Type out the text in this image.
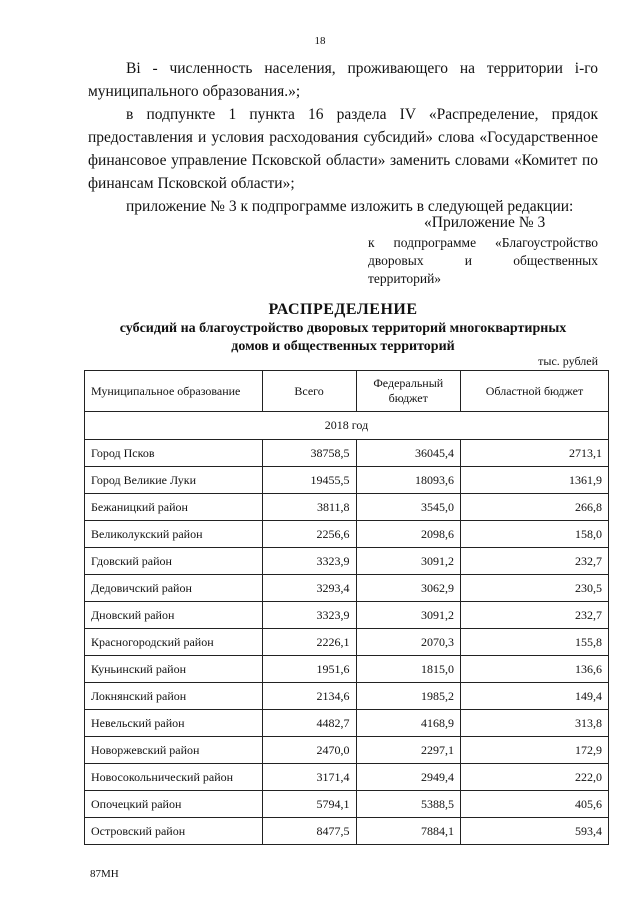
18

Bi - численность населения, проживающего на территории i-го муниципального образования.»;

в подпункте 1 пункта 16 раздела IV «Распределение, прядок предоставления и условия расходования субсидий» слова «Государственное финансовое управление Псковской области» заменить словами «Комитет по финансам Псковской области»;

приложение № 3 к подпрограмме изложить в следующей редакции:

«Приложение № 3
к подпрограмме «Благоустройство дворовых и общественных территорий»
РАСПРЕДЕЛЕНИЕ
субсидий на благоустройство дворовых территорий многоквартирных
домов и общественных территорий
тыс. рублей
Муниципальное образование	Всего	Федеральный бюджет	Областной бюджет
2018 год			
Город Псков	38758,5	36045,4	2713,1
Город Великие Луки	19455,5	18093,6	1361,9
Бежаницкий район	3811,8	3545,0	266,8
Великолукский район	2256,6	2098,6	158,0
Гдовский район	3323,9	3091,2	232,7
Дедовичский район	3293,4	3062,9	230,5
Дновский район	3323,9	3091,2	232,7
Красногородский район	2226,1	2070,3	155,8
Куньинский район	1951,6	1815,0	136,6
Локнянский район	2134,6	1985,2	149,4
Невельский район	4482,7	4168,9	313,8
Новоржевский район	2470,0	2297,1	172,9
Новосокольнический район	3171,4	2949,4	222,0
Опочецкий район	5794,1	5388,5	405,6
Островский район	8477,5	7884,1	593,4
87МН
